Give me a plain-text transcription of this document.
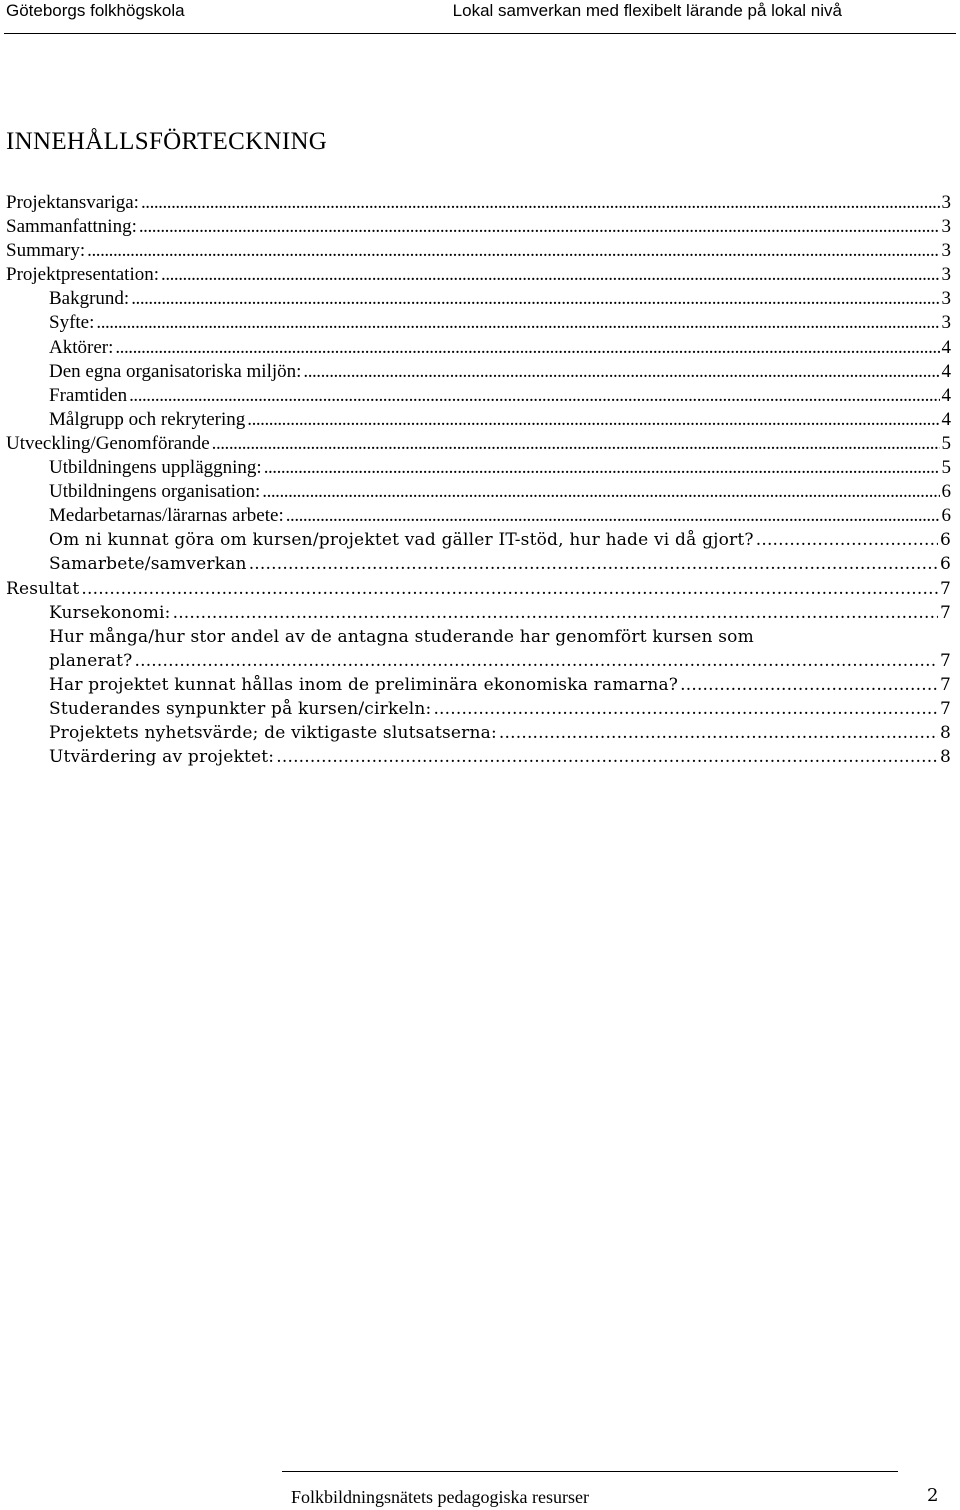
Göteborgs folkhögskola	Lokal samverkan med flexibelt lärande på lokal nivå
INNEHÅLLSFÖRTECKNING
Projektansvariga: . . .	3
Sammanfattning: . . .	3
Summary: . . .	3
Projektpresentation: . . .	3
Bakgrund: . . .	3
Syfte: . . .	3
Aktörer: . . .	4
Den egna organisatoriska miljön: . . .	4
Framtiden . . .	4
Målgrupp och rekrytering . . .	4
Utveckling/Genomförande . . .	5
Utbildningens uppläggning: . . .	5
Utbildningens organisation: . . .	6
Medarbetarnas/lärarnas arbete: . . .	6
Om ni kunnat göra om kursen/projektet vad gäller IT-stöd, hur hade vi då gjort? . . .	6
Samarbete/samverkan . . .	6
Resultat . . .	7
Kursekonomi: . . .	7
Hur många/hur stor andel av de antagna studerande har genomfört kursen som
planerat? . . .	7
Har projektet kunnat hållas inom de preliminära ekonomiska ramarna? . . .	7
Studerandes synpunkter på kursen/cirkeln: . . .	7
Projektets nyhetsvärde; de viktigaste slutsatserna: . . .	8
Utvärdering av projektet: . . .	8
Folkbildningsnätets pedagogiska resurser	2
